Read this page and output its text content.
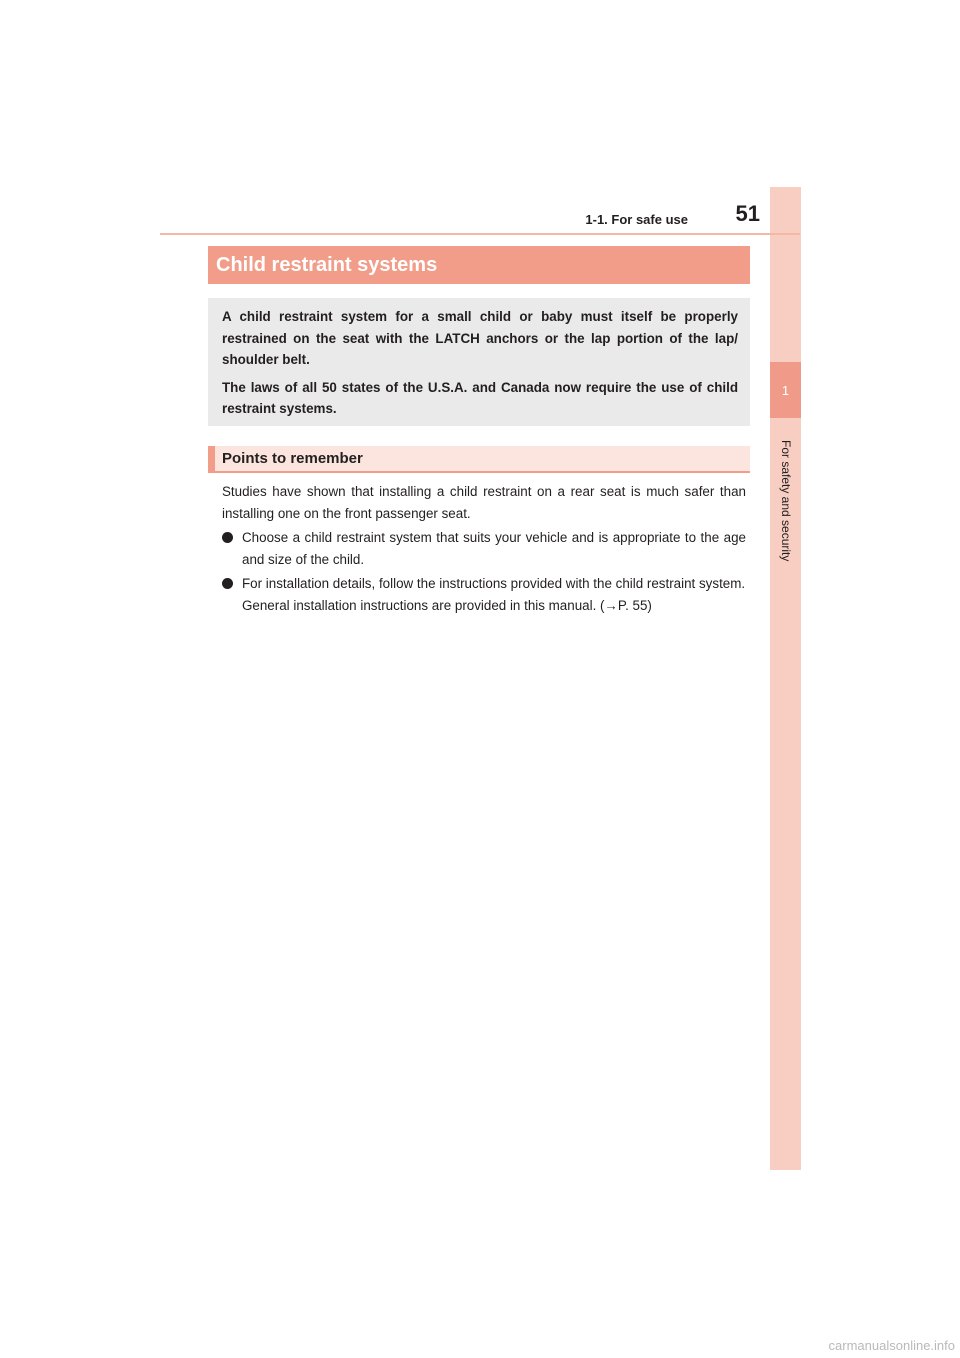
1
For safety and security
1-1. For safe use	51
Child restraint systems

A child restraint system for a small child or baby must itself be properly restrained on the seat with the LATCH anchors or the lap portion of the lap/ shoulder belt.

The laws of all 50 states of the U.S.A. and Canada now require the use of child restraint systems.

Points to remember

Studies have shown that installing a child restraint on a rear seat is much safer than installing one on the front passenger seat.

Choose a child restraint system that suits your vehicle and is appropriate to the age and size of the child.

For installation details, follow the instructions provided with the child restraint system.

General installation instructions are provided in this manual. (→P. 55)

carmanualsonline.info
